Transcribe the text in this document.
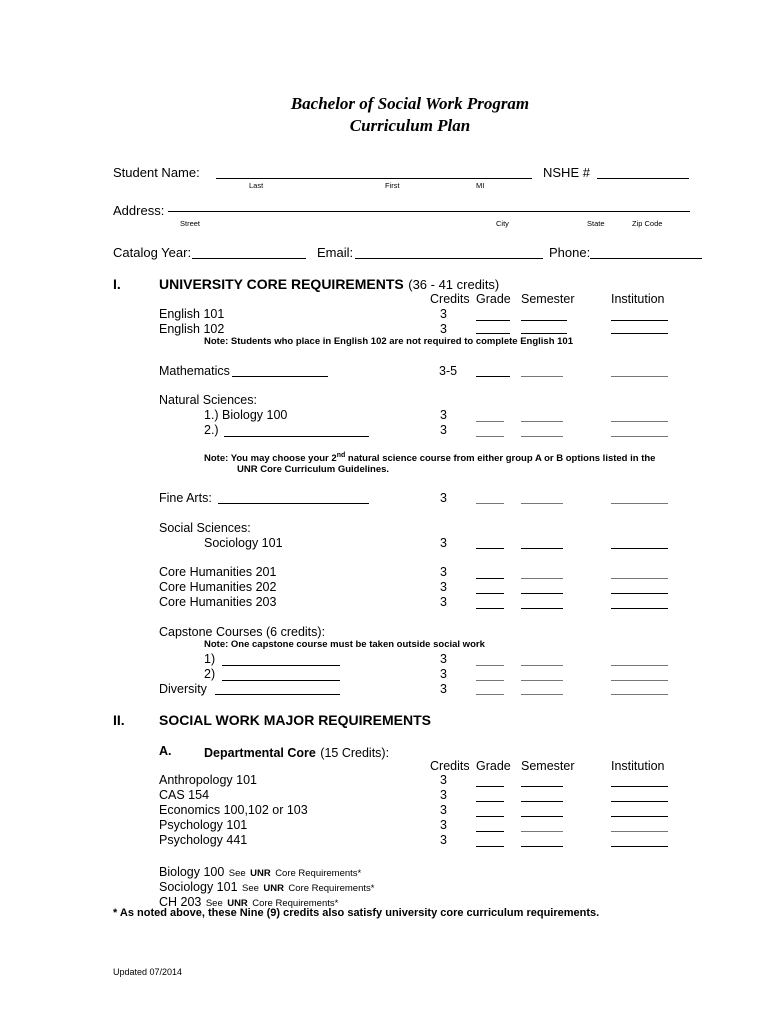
Bachelor of Social Work Program
Curriculum Plan
Student Name:	NSHE #
Last	First	MI
Address:
Street	City	State	Zip Code
Catalog Year:	Email:	Phone:
I.	UNIVERSITY CORE REQUIREMENTS (36 - 41 credits)
Credits Grade Semester	Institution
English 101	3
English 102	3
Note: Students who place in English 102 are not required to complete English 101
Mathematics	3-5
Natural Sciences:
1.) Biology 100	3
2.)	3
Note: You may choose your 2nd natural science course from either group A or B options listed in the
UNR Core Curriculum Guidelines.
Fine Arts:	3
Social Sciences:
Sociology 101	3
Core Humanities 201	3
Core Humanities 202	3
Core Humanities 203	3
Capstone Courses (6 credits):
Note: One capstone course must be taken outside social work
1)	3
2)	3
Diversity	3
II. SOCIAL WORK MAJOR REQUIREMENTS
A.	Departmental Core (15 Credits):
Credits Grade Semester	Institution
Anthropology 101	3
CAS 154	3
Economics 100,102 or 103	3
Psychology 101	3
Psychology 441	3
Biology 100 See UNR Core Requirements*
Sociology 101 See UNR Core Requirements*
CH 203 See UNR Core Requirements*
* As noted above, these Nine (9) credits also satisfy university core curriculum requirements.
Updated 07/2014
